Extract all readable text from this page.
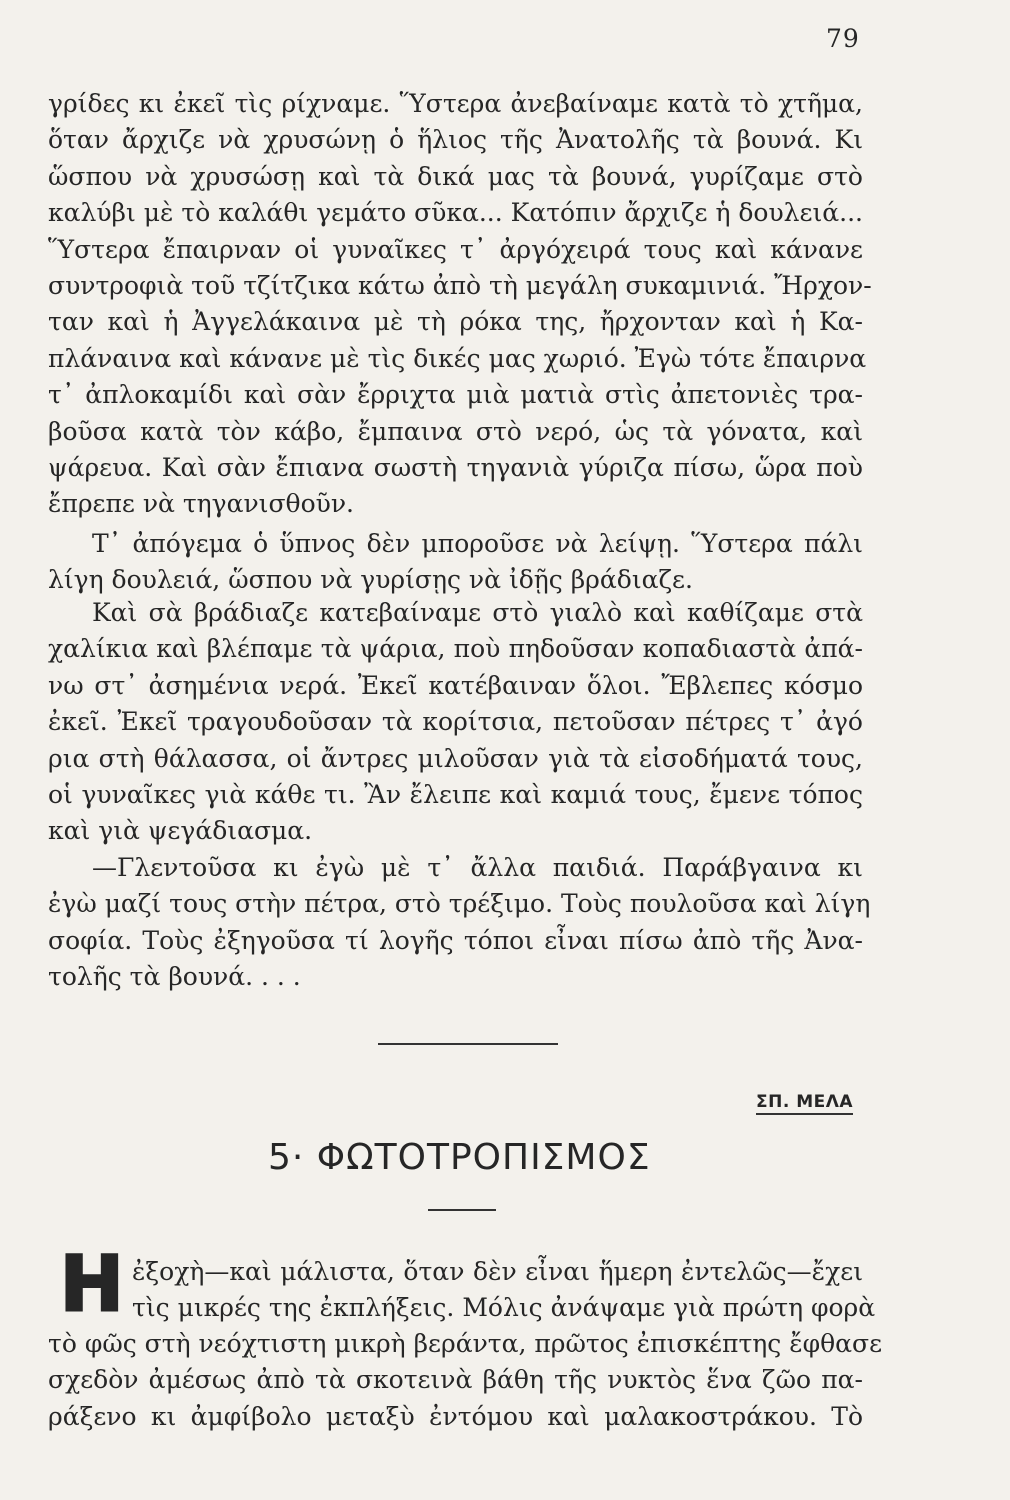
79
γρίδες κι ἐκεῖ τὶς ρίχναμε. Ὕστερα ἀνεβαίναμε κατὰ τὸ χτῆμα,
ὅταν ἄρχιζε νὰ χρυσώνῃ ὁ ἥλιος τῆς Ἀνατολῆς τὰ βουνά. Κι
ὥσπου νὰ χρυσώσῃ καὶ τὰ δικά μας τὰ βουνά, γυρίζαμε στὸ
καλύβι μὲ τὸ καλάθι γεμάτο σῦκα... Κατόπιν ἄρχιζε ἡ δουλειά...
Ὕστερα ἔπαιρναν οἱ γυναῖκες τ᾽ ἀργόχειρά τους καὶ κάνανε
συντροφιὰ τοῦ τζίτζικα κάτω ἀπὸ τὴ μεγάλη συκαμινιά. Ἤρχον-
ταν καὶ ἡ Ἀγγελάκαινα μὲ τὴ ρόκα της, ἤρχονταν καὶ ἡ Κα-
πλάναινα καὶ κάνανε μὲ τὶς δικές μας χωριό. Ἐγὼ τότε ἔπαιρνα
τ᾽ ἀπλοκαμίδι καὶ σὰν ἔρριχτα μιὰ ματιὰ στὶς ἀπετονιὲς τρα-
βοῦσα κατὰ τὸν κάβο, ἔμπαινα στὸ νερό, ὡς τὰ γόνατα, καὶ
ψάρευα. Καὶ σὰν ἔπιανα σωστὴ τηγανιὰ γύριζα πίσω, ὥρα ποὺ
ἔπρεπε νὰ τηγανισθοῦν.
Τ᾽ ἀπόγεμα ὁ ὕπνος δὲν μποροῦσε νὰ λείψῃ. Ὕστερα πάλι
λίγη δουλειά, ὥσπου νὰ γυρίσῃς νὰ ἰδῇς βράδιαζε.
Καὶ σὰ βράδιαζε κατεβαίναμε στὸ γιαλὸ καὶ καθίζαμε στὰ
χαλίκια καὶ βλέπαμε τὰ ψάρια, ποὺ πηδοῦσαν κοπαδιαστὰ ἀπά-
νω στ᾽ ἀσημένια νερά. Ἐκεῖ κατέβαιναν ὅλοι. Ἔβλεπες κόσμο
ἐκεῖ. Ἐκεῖ τραγουδοῦσαν τὰ κορίτσια, πετοῦσαν πέτρες τ᾽ ἀγό
ρια στὴ θάλασσα, οἱ ἄντρες μιλοῦσαν γιὰ τὰ εἰσοδήματά τους,
οἱ γυναῖκες γιὰ κάθε τι. Ἂν ἔλειπε καὶ καμιά τους, ἔμενε τόπος
καὶ γιὰ ψεγάδιασμα.
—Γλεντοῦσα κι ἐγὼ μὲ τ᾽ ἄλλα παιδιά. Παράβγαινα κι
ἐγὼ μαζί τους στὴν πέτρα, στὸ τρέξιμο. Τοὺς πουλοῦσα καὶ λίγη
σοφία. Τοὺς ἐξηγοῦσα τί λογῆς τόποι εἶναι πίσω ἀπὸ τῆς Ἀνα-
τολῆς τὰ βουνά. . . .
ΣΠ. ΜΕΛΑ
5· ΦΩΤΟΤΡΟΠΙΣΜΟΣ
Η ἐξοχὴ—καὶ μάλιστα, ὅταν δὲν εἶναι ἥμερη ἐντελῶς—ἔχει
τὶς μικρές της ἐκπλήξεις. Μόλις ἀνάψαμε γιὰ πρώτη φορὰ
τὸ φῶς στὴ νεόχτιστη μικρὴ βεράντα, πρῶτος ἐπισκέπτης ἔφθασε
σχεδὸν ἀμέσως ἀπὸ τὰ σκοτεινὰ βάθη τῆς νυκτὸς ἕνα ζῶο πα-
ράξενο κι ἀμφίβολο μεταξὺ ἐντόμου καὶ μαλακοστράκου. Τὸ
